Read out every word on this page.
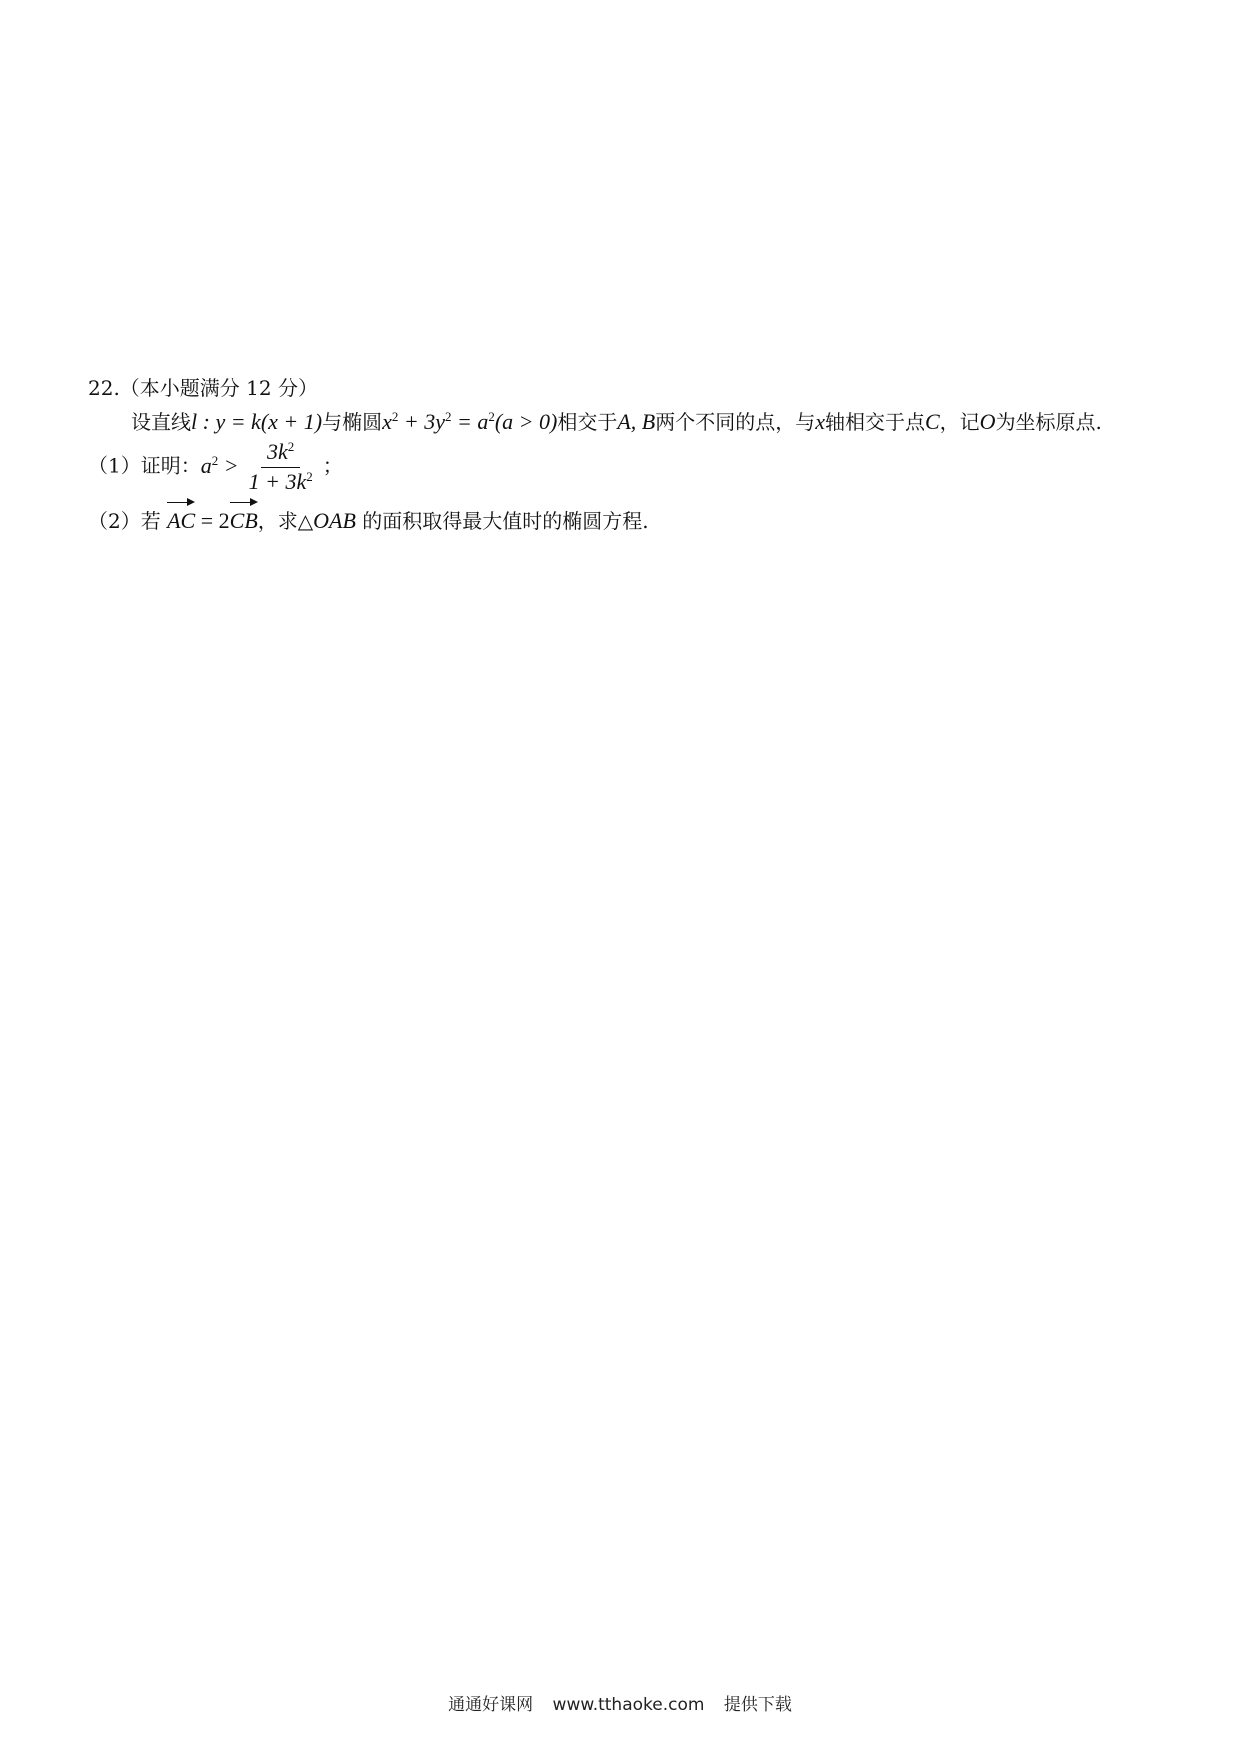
22.（本小题满分 12 分）

设直线l : y = k(x + 1)与椭圆$x^2 + 3y^2 = a^2(a > 0)$相交于A, B两个不同的点，与x轴相交于点C，记O为坐标原点.

（1）证明：$a^2 > \frac{3k^2}{1 + 3k^2}$ ；

（2）若 AC = 2CB，求△OAB 的面积取得最大值时的椭圆方程.

通通好课网 www.tthaoke.com 提供下载
